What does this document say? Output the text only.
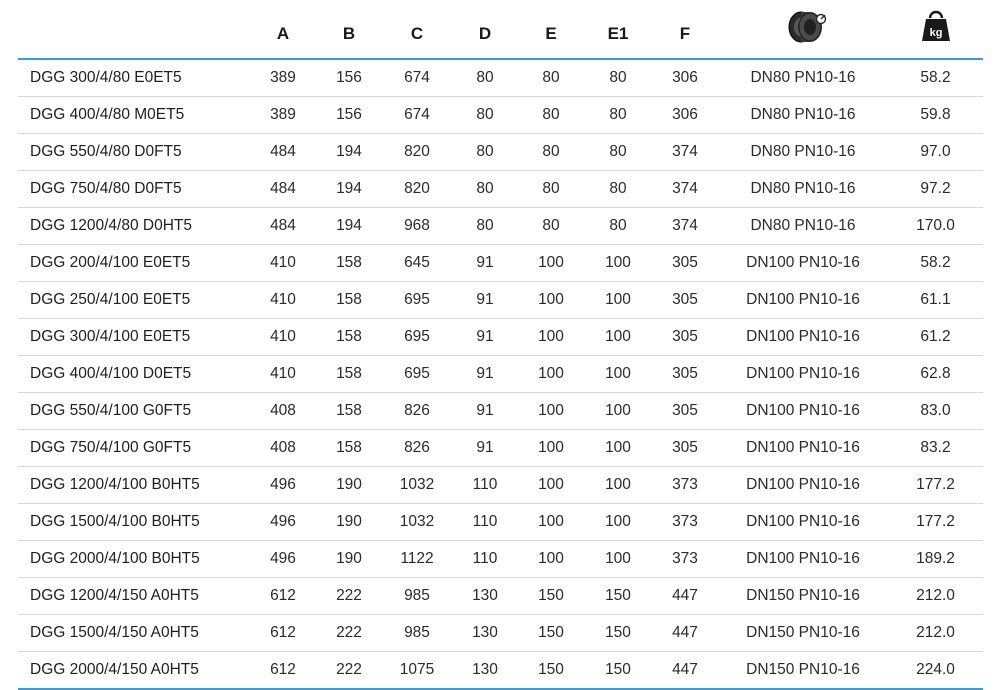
	A	B	C	D	E	E1	F		kg

DGG 300/4/80 E0ET5	389	156	674	80	80	80	306	DN80 PN10-16	58.2
DGG 400/4/80 M0ET5	389	156	674	80	80	80	306	DN80 PN10-16	59.8
DGG 550/4/80 D0FT5	484	194	820	80	80	80	374	DN80 PN10-16	97.0
DGG 750/4/80 D0FT5	484	194	820	80	80	80	374	DN80 PN10-16	97.2
DGG 1200/4/80 D0HT5	484	194	968	80	80	80	374	DN80 PN10-16	170.0
DGG 200/4/100 E0ET5	410	158	645	91	100	100	305	DN100 PN10-16	58.2
DGG 250/4/100 E0ET5	410	158	695	91	100	100	305	DN100 PN10-16	61.1
DGG 300/4/100 E0ET5	410	158	695	91	100	100	305	DN100 PN10-16	61.2
DGG 400/4/100 D0ET5	410	158	695	91	100	100	305	DN100 PN10-16	62.8
DGG 550/4/100 G0FT5	408	158	826	91	100	100	305	DN100 PN10-16	83.0
DGG 750/4/100 G0FT5	408	158	826	91	100	100	305	DN100 PN10-16	83.2
DGG 1200/4/100 B0HT5	496	190	1032	110	100	100	373	DN100 PN10-16	177.2
DGG 1500/4/100 B0HT5	496	190	1032	110	100	100	373	DN100 PN10-16	177.2
DGG 2000/4/100 B0HT5	496	190	1122	110	100	100	373	DN100 PN10-16	189.2
DGG 1200/4/150 A0HT5	612	222	985	130	150	150	447	DN150 PN10-16	212.0
DGG 1500/4/150 A0HT5	612	222	985	130	150	150	447	DN150 PN10-16	212.0
DGG 2000/4/150 A0HT5	612	222	1075	130	150	150	447	DN150 PN10-16	224.0
